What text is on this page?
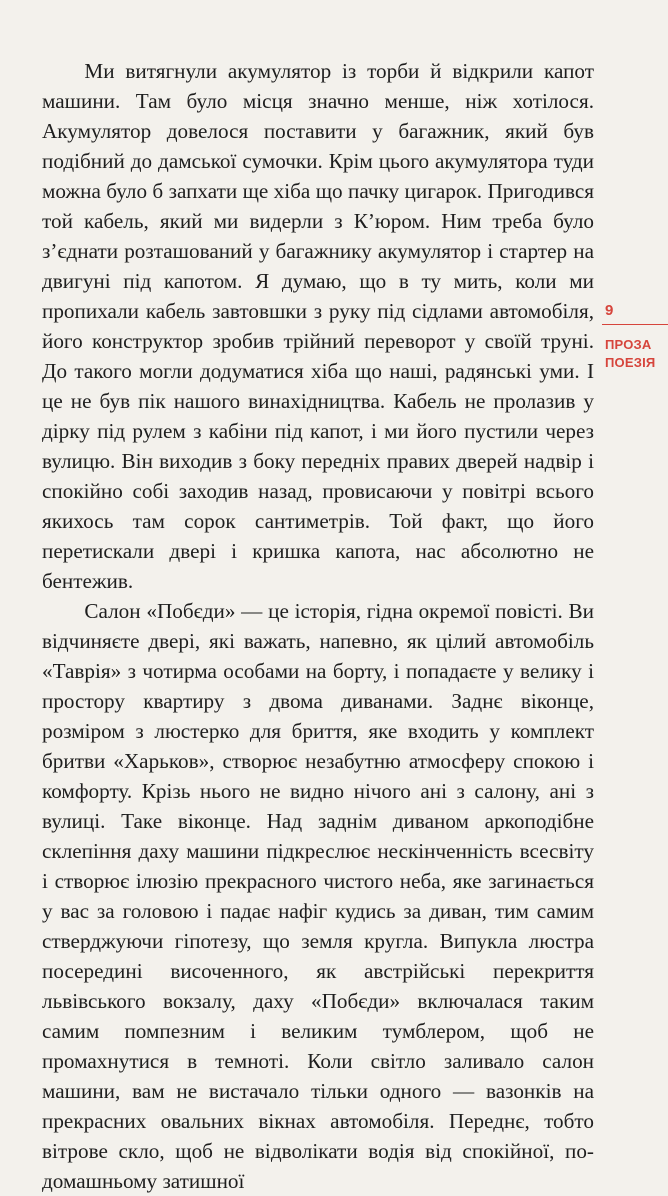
Ми витягнули акумулятор із торби й відкрили капот машини. Там було місця значно менше, ніж хотілося. Акумулятор довелося поставити у багажник, який був подібний до дамської сумочки. Крім цього акумулятора туди можна було б запхати ще хіба що пачку цигарок. Пригодився той кабель, який ми видерли з К’юром. Ним треба було з’єднати розташований у багажнику акумулятор і стартер на двигуні під капотом. Я думаю, що в ту мить, коли ми пропихали кабель завтовшки з руку під сідлами автомобіля, його конструктор зробив трійний переворот у своїй труні. До такого могли додуматися хіба що наші, радянські уми. І це не був пік нашого винахідництва. Кабель не пролазив у дірку під рулем з кабіни під капот, і ми його пустили через вулицю. Він виходив з боку передніх правих дверей надвір і спокійно собі заходив назад, провисаючи у повітрі всього якихось там сорок сантиметрів. Той факт, що його перетискали двері і кришка капота, нас абсолютно не бентежив.

Салон «Побєди» — це історія, гідна окремої повісті. Ви відчиняєте двері, які важать, напевно, як цілий автомобіль «Таврія» з чотирма особами на борту, і попадаєте у велику і простору квартиру з двома диванами. Заднє віконце, розміром з люстерко для бриття, яке входить у комплект бритви «Харьков», створює незабутню атмосферу спокою і комфорту. Крізь нього не видно нічого ані з салону, ані з вулиці. Таке віконце. Над заднім диваном аркоподібне склепіння даху машини підкреслює нескінченність всесвіту і створює ілюзію прекрасного чистого неба, яке загинається у вас за головою і падає нафіг кудись за диван, тим самим стверджуючи гіпотезу, що земля кругла. Випукла люстра посередині височенного, як австрійські перекриття львівського вокзалу, даху «Побєди» включалася таким самим помпезним і великим тумблером, щоб не промахнутися в темноті. Коли світло заливало салон машини, вам не вистачало тільки одного — вазонків на прекрасних овальних вікнах автомобіля. Переднє, тобто вітрове скло, щоб не відволікати водія від спокійної, по-домашньому затишної

9
ПРОЗА
ПОЕЗІЯ
